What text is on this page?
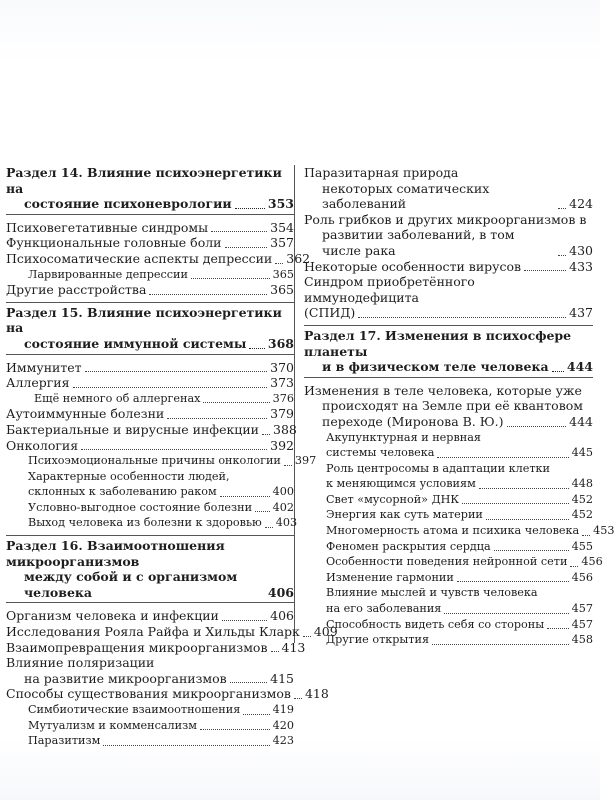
Раздел 14. Влияние психоэнергетики на
состояние психоневрологии	353
Психовегетативные синдромы	354
Функциональные головные боли	357
Психосоматические аспекты депрессии 362
Ларвированные депрессии	365
Другие расстройства	365
Раздел 15. Влияние психоэнергетики на
состояние иммунной системы 368
Иммунитет	370
Аллергия	373
Ещё немного об аллергенах	376
Аутоиммунные болезни	379
Бактериальные и вирусные инфекции 388
Онкология	392
Психоэмоциональные причины онкологии 397
Характерные особенности людей,
склонных к заболеванию раком	400
Условно-выгодное состояние болезни 402
Выход человека из болезни к здоровью 403
Раздел 16. Взаимоотношения микроорганизмов
между собой и с организмом человека	406
Организм человека и инфекции	406
Исследования Рояла Райфа и Хильды Кларк 409
Взаимопревращения микроорганизмов 413
Влияние поляризации
на развитие микроорганизмов	415
Способы существования микроорганизмов 418
Симбиотические взаимоотношения	419
Мутуализм и комменсализм	420
Паразитизм	423
Паразитарная природа
некоторых соматических заболеваний	424
Роль грибков и других микроорганизмов в
развитии заболеваний, в том числе рака	430
Некоторые особенности вирусов	433
Синдром приобретённого иммунодефицита
(СПИД)	437
Раздел 17. Изменения в психосфере планеты
и в физическом теле человека 444
Изменения в теле человека, которые уже
происходят на Земле при её квантовом
переходе (Миронова В. Ю.)	444
Акупунктурная и нервная
системы человека	445
Роль центросомы в адаптации клетки
к меняющимся условиям	448
Свет «мусорной» ДНК	452
Энергия как суть материи	452
Многомерность атома и психика человека 453
Феномен раскрытия сердца	455
Особенности поведения нейронной сети 456
Изменение гармонии	456
Влияние мыслей и чувств человека
на его заболевания	457
Способность видеть себя со стороны 457
Другие открытия	458
